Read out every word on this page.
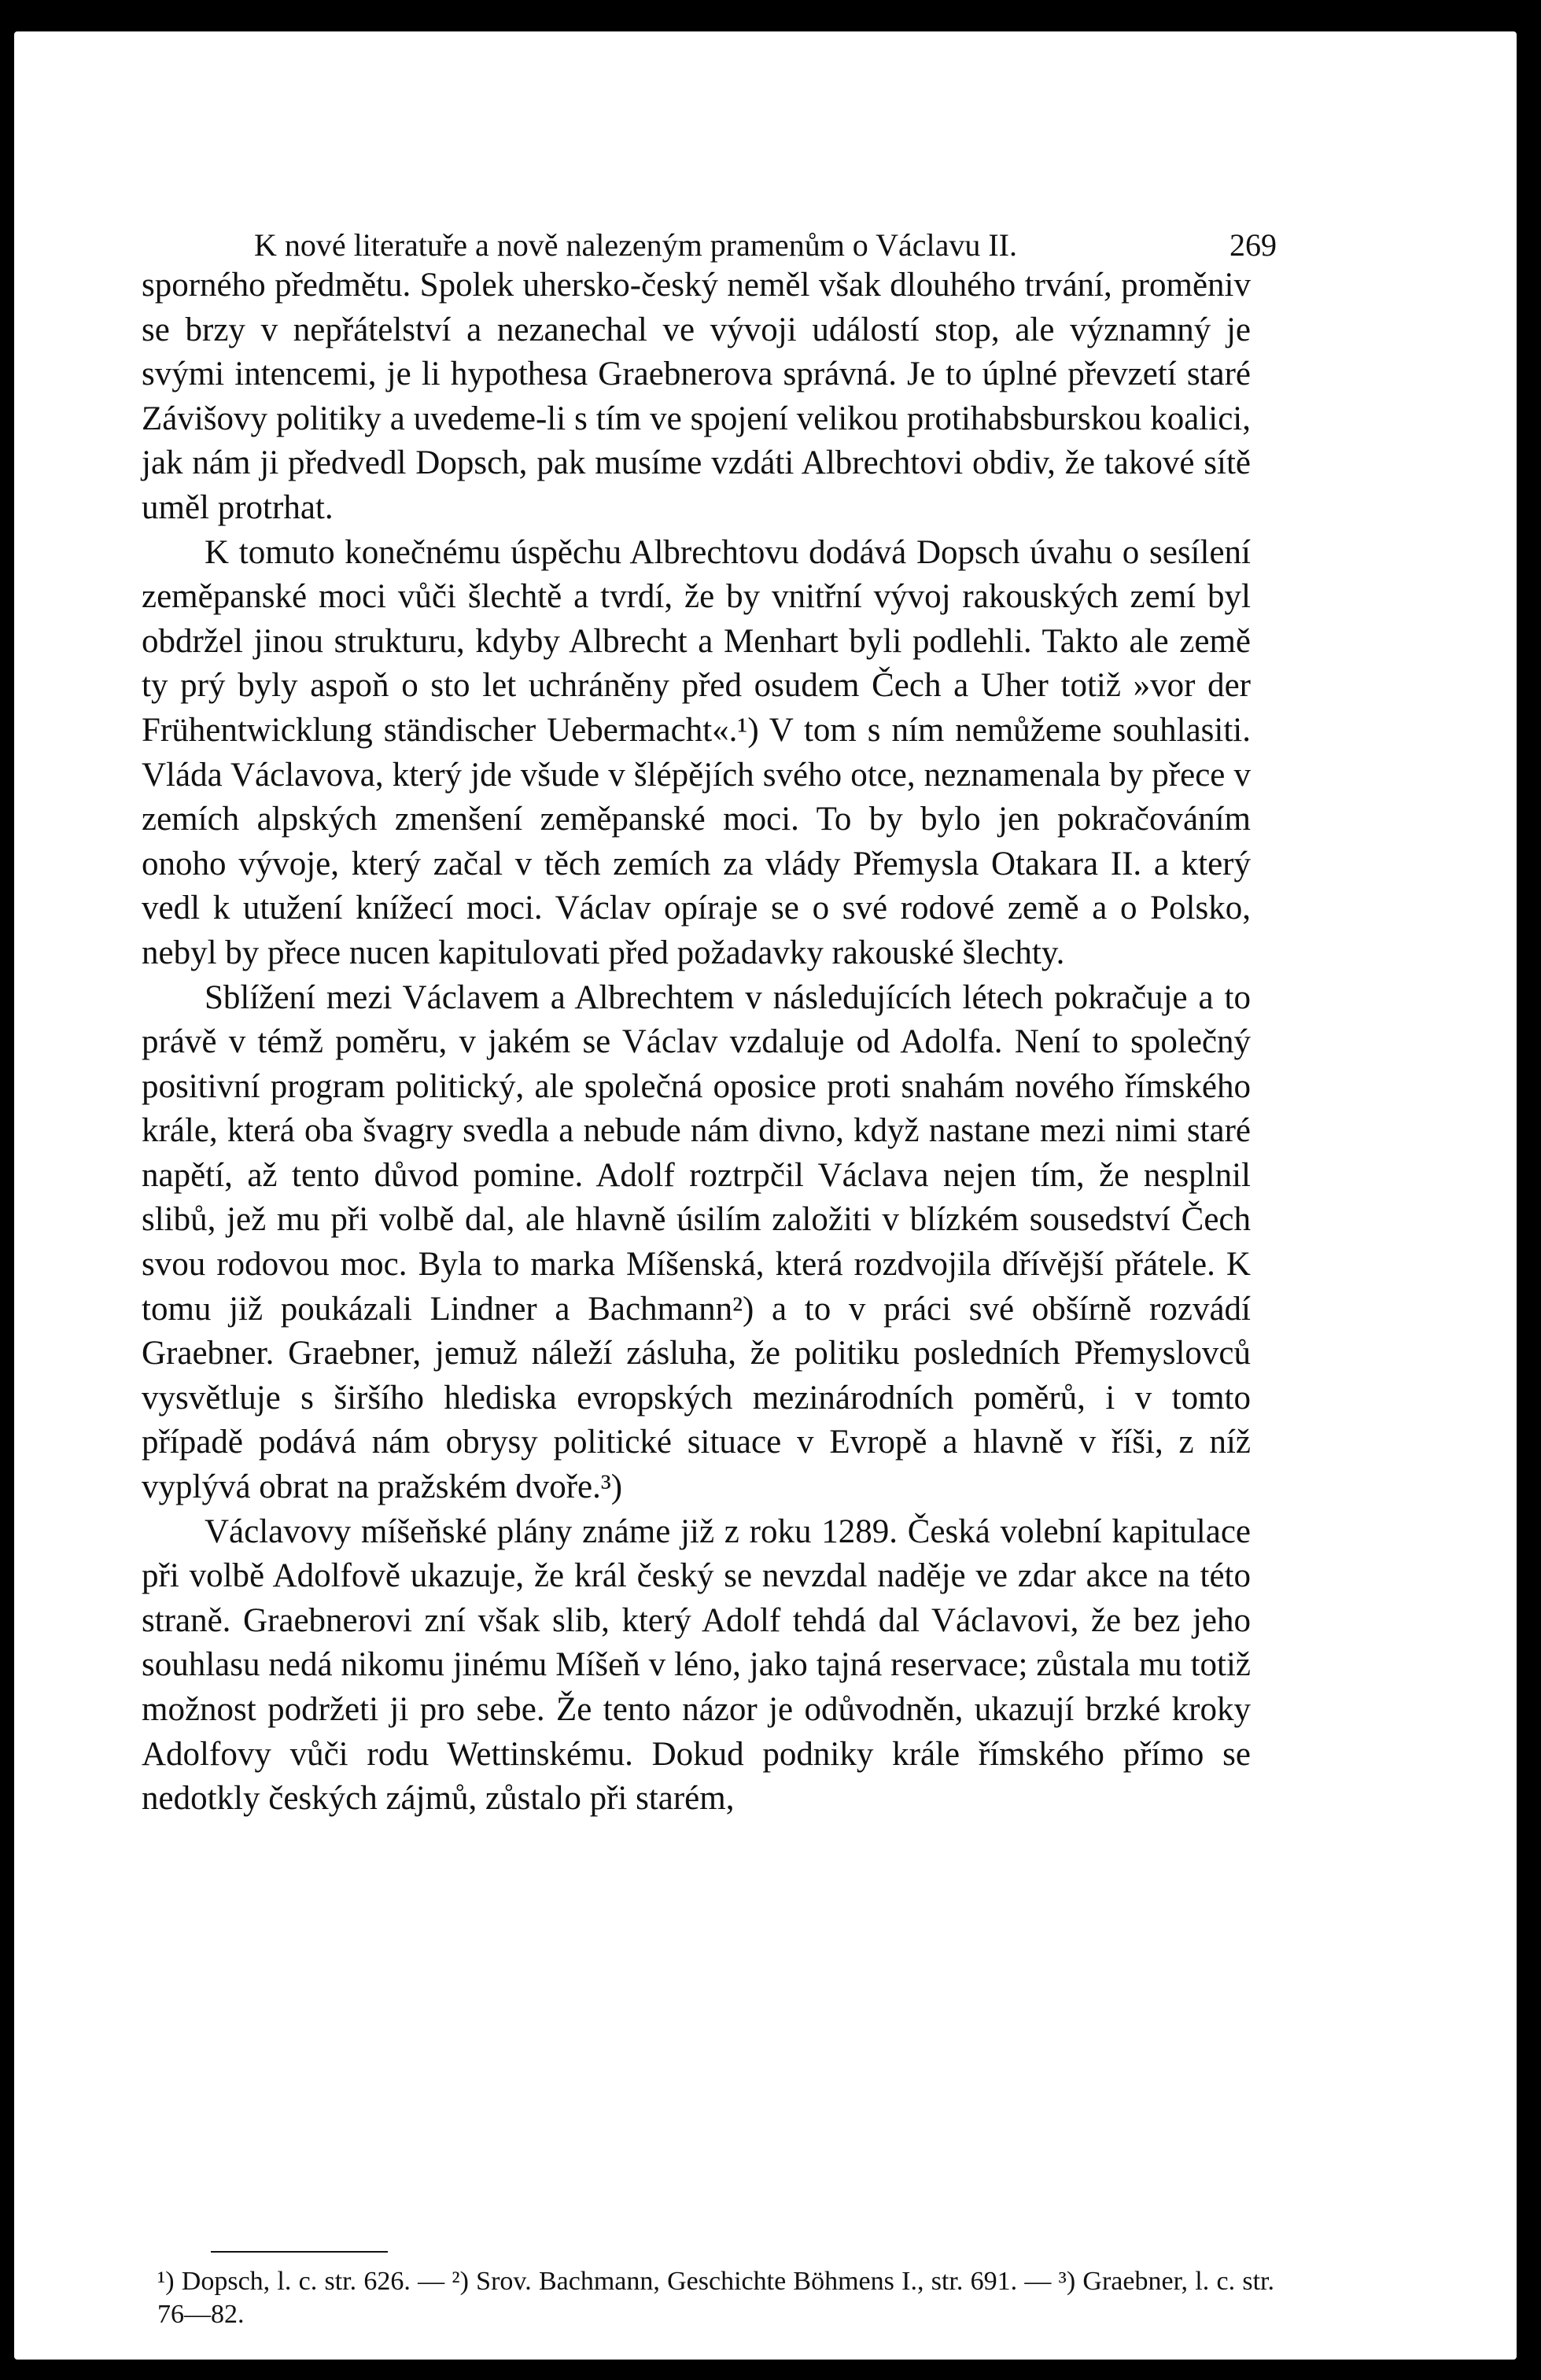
K nové literatuře a nově nalezeným pramenům o Václavu II.	269

sporného předmětu. Spolek uhersko-český neměl však dlouhého trvání, proměniv se brzy v nepřátelství a nezanechal ve vývoji událostí stop, ale významný je svými intencemi, je li hypothesa Graebnerova správná. Je to úplné převzetí staré Závišovy politiky a uvedeme-li s tím ve spojení velikou protihabsburskou koalici, jak nám ji předvedl Dopsch, pak musíme vzdáti Albrechtovi obdiv, že takové sítě uměl protrhat.

K tomuto konečnému úspěchu Albrechtovu dodává Dopsch úvahu o sesílení zeměpanské moci vůči šlechtě a tvrdí, že by vnitřní vývoj rakouských zemí byl obdržel jinou strukturu, kdyby Albrecht a Menhart byli podlehli. Takto ale země ty prý byly aspoň o sto let uchráněny před osudem Čech a Uher totiž »vor der Frühentwicklung ständischer Uebermacht«.¹) V tom s ním nemůžeme souhlasiti. Vláda Václavova, který jde všude v šlépějích svého otce, neznamenala by přece v zemích alpských zmenšení zeměpanské moci. To by bylo jen pokračováním onoho vývoje, který začal v těch zemích za vlády Přemysla Otakara II. a který vedl k utužení knížecí moci. Václav opíraje se o své rodové země a o Polsko, nebyl by přece nucen kapitulovati před požadavky rakouské šlechty.

Sblížení mezi Václavem a Albrechtem v následujících létech pokračuje a to právě v témž poměru, v jakém se Václav vzdaluje od Adolfa. Není to společný positivní program politický, ale společná oposice proti snahám nového římského krále, která oba švagry svedla a nebude nám divno, když nastane mezi nimi staré napětí, až tento důvod pomine. Adolf roztrpčil Václava nejen tím, že nesplnil slibů, jež mu při volbě dal, ale hlavně úsilím založiti v blízkém sousedství Čech svou rodovou moc. Byla to marka Míšenská, která rozdvojila dřívější přátele. K tomu již poukázali Lindner a Bachmann²) a to v práci své obšírně rozvádí Graebner. Graebner, jemuž náleží zásluha, že politiku posledních Přemyslovců vysvětluje s širšího hlediska evropských mezinárodních poměrů, i v tomto případě podává nám obrysy politické situace v Evropě a hlavně v říši, z níž vyplývá obrat na pražském dvoře.³)

Václavovy míšeňské plány známe již z roku 1289. Česká volební kapitulace při volbě Adolfově ukazuje, že král český se nevzdal naděje ve zdar akce na této straně. Graebnerovi zní však slib, který Adolf tehdá dal Václavovi, že bez jeho souhlasu nedá nikomu jinému Míšeň v léno, jako tajná reservace; zůstala mu totiž možnost podržeti ji pro sebe. Že tento názor je odůvodněn, ukazují brzké kroky Adolfovy vůči rodu Wettinskému. Dokud podniky krále římského přímo se nedotkly českých zájmů, zůstalo při starém,

¹) Dopsch, l. c. str. 626. — ²) Srov. Bachmann, Geschichte Böhmens I., str. 691. — ³) Graebner, l. c. str. 76—82.
